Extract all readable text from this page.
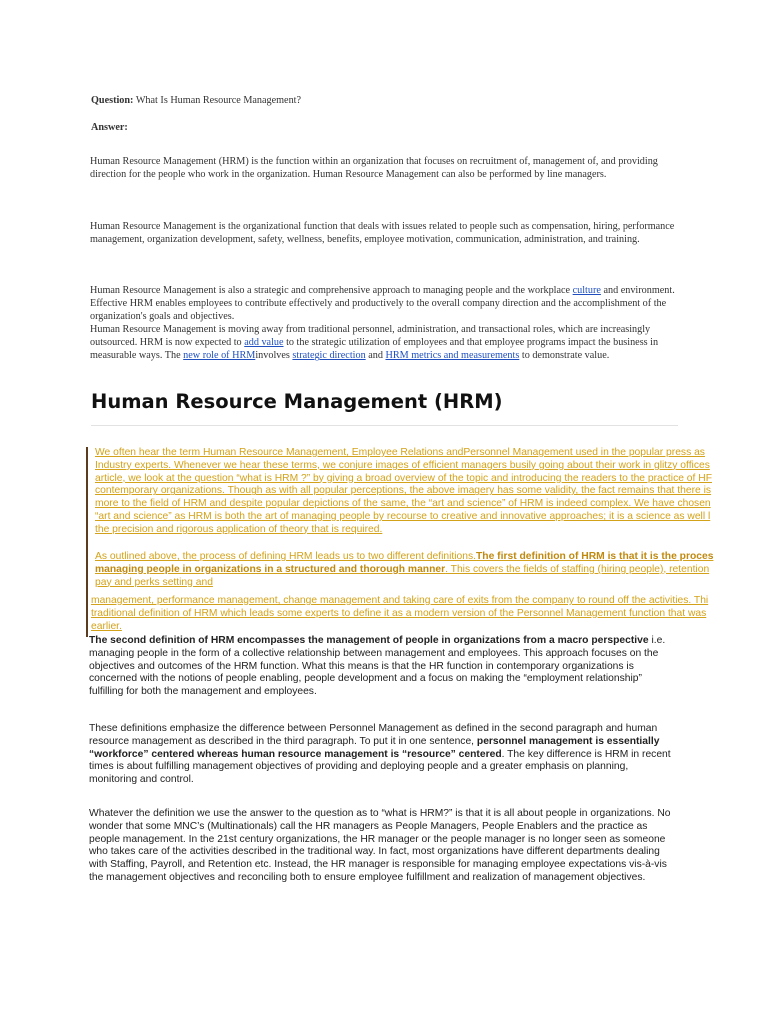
Question: What Is Human Resource Management?
Answer:

Human Resource Management (HRM) is the function within an organization that focuses on recruitment of, management of, and providing direction for the people who work in the organization. Human Resource Management can also be performed by line managers.

Human Resource Management is the organizational function that deals with issues related to people such as compensation, hiring, performance management, organization development, safety, wellness, benefits, employee motivation, communication, administration, and training.

Human Resource Management is also a strategic and comprehensive approach to managing people and the workplace culture and environment. Effective HRM enables employees to contribute effectively and productively to the overall company direction and the accomplishment of the organization's goals and objectives.

Human Resource Management is moving away from traditional personnel, administration, and transactional roles, which are increasingly outsourced. HRM is now expected to add value to the strategic utilization of employees and that employee programs impact the business in measurable ways. The new role of HRMinvolves strategic direction and HRM metrics and measurements to demonstrate value.

Human Resource Management (HRM)
We often hear the term Human Resource Management, Employee Relations andPersonnel Management used in the popular press as
Industry experts. Whenever we hear these terms, we conjure images of efficient managers busily going about their work in glitzy offices
article, we look at the question “what is HRM ?” by giving a broad overview of the topic and introducing the readers to the practice of HF
contemporary organizations. Though as with all popular perceptions, the above imagery has some validity, the fact remains that there is
more to the field of HRM and despite popular depictions of the same, the “art and science” of HRM is indeed complex. We have chosen
“art and science” as HRM is both the art of managing people by recourse to creative and innovative approaches; it is a science as well l
the precision and rigorous application of theory that is required.
As outlined above, the process of defining HRM leads us to two different definitions.The first definition of HRM is that it is the proces
managing people in organizations in a structured and thorough manner. This covers the fields of staffing (hiring people), retention
pay and perks setting and
management, performance management, change management and taking care of exits from the company to round off the activities. Thi
traditional definition of HRM which leads some experts to define it as a modern version of the Personnel Management function that was
earlier.

The second definition of HRM encompasses the management of people in organizations from a macro perspective i.e. managing people in the form of a collective relationship between management and employees. This approach focuses on the objectives and outcomes of the HRM function. What this means is that the HR function in contemporary organizations is concerned with the notions of people enabling, people development and a focus on making the “employment relationship” fulfilling for both the management and employees.

These definitions emphasize the difference between Personnel Management as defined in the second paragraph and human resource management as described in the third paragraph. To put it in one sentence, personnel management is essentially “workforce” centered whereas human resource management is “resource” centered. The key difference is HRM in recent times is about fulfilling management objectives of providing and deploying people and a greater emphasis on planning, monitoring and control.

Whatever the definition we use the answer to the question as to “what is HRM?” is that it is all about people in organizations. No wonder that some MNC’s (Multinationals) call the HR managers as People Managers, People Enablers and the practice as people management. In the 21st century organizations, the HR manager or the people manager is no longer seen as someone who takes care of the activities described in the traditional way. In fact, most organizations have different departments dealing with Staffing, Payroll, and Retention etc. Instead, the HR manager is responsible for managing employee expectations vis-à-vis the management objectives and reconciling both to ensure employee fulfillment and realization of management objectives.
